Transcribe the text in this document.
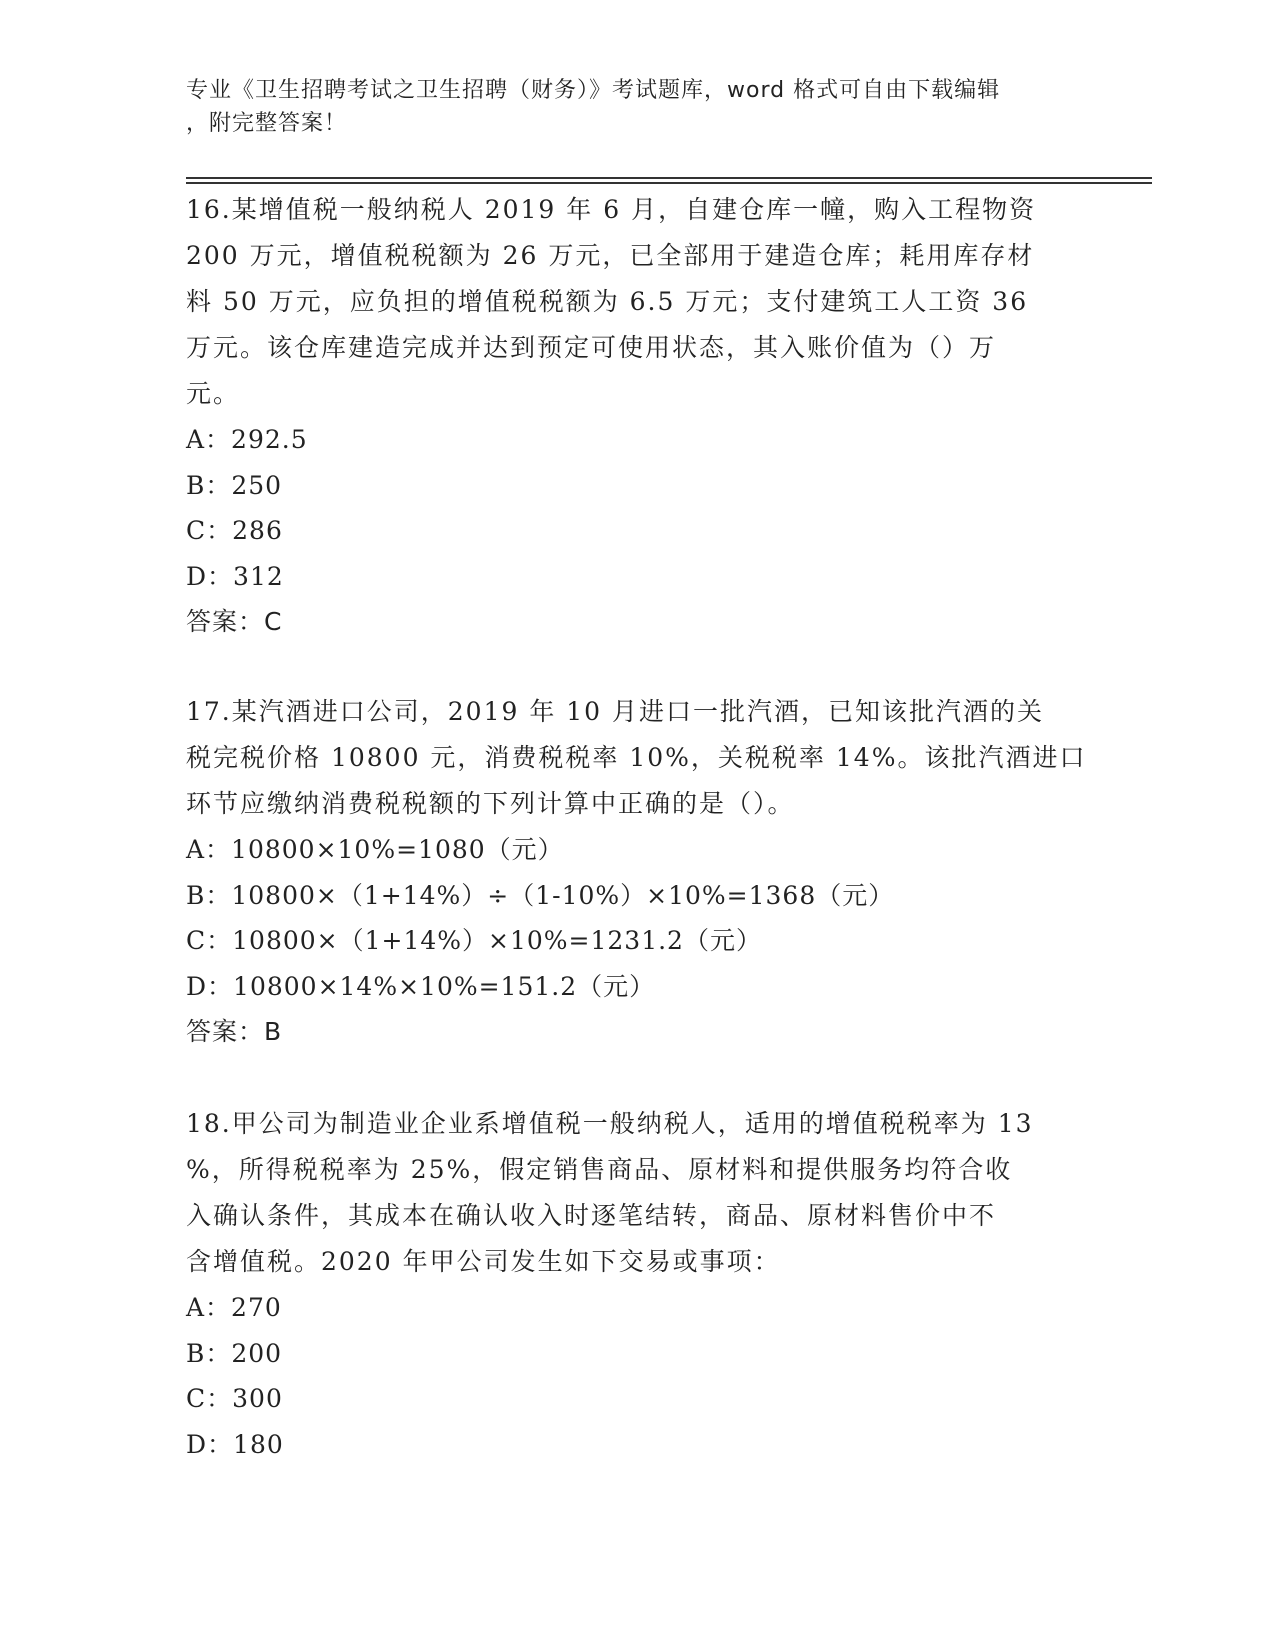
专业《卫生招聘考试之卫生招聘（财务）》考试题库，word 格式可自由下载编辑
，附完整答案！
16.某增值税一般纳税人 2019 年 6 月，自建仓库一幢，购入工程物资
200 万元，增值税税额为 26 万元，已全部用于建造仓库；耗用库存材
料 50 万元，应负担的增值税税额为 6.5 万元；支付建筑工人工资 36
万元。该仓库建造完成并达到预定可使用状态，其入账价值为（）万
元。
A：292.5
B：250
C：286
D：312
答案：C
17.某汽酒进口公司，2019 年 10 月进口一批汽酒，已知该批汽酒的关
税完税价格 10800 元，消费税税率 10%，关税税率 14%。该批汽酒进口
环节应缴纳消费税税额的下列计算中正确的是（）。
A：10800×10%=1080（元）
B：10800×（1+14%）÷（1-10%）×10%=1368（元）
C：10800×（1+14%）×10%=1231.2（元）
D：10800×14%×10%=151.2（元）
答案：B
18.甲公司为制造业企业系增值税一般纳税人，适用的增值税税率为 13
%，所得税税率为 25%，假定销售商品、原材料和提供服务均符合收
入确认条件，其成本在确认收入时逐笔结转，商品、原材料售价中不
含增值税。2020 年甲公司发生如下交易或事项：
A：270
B：200
C：300
D：180
